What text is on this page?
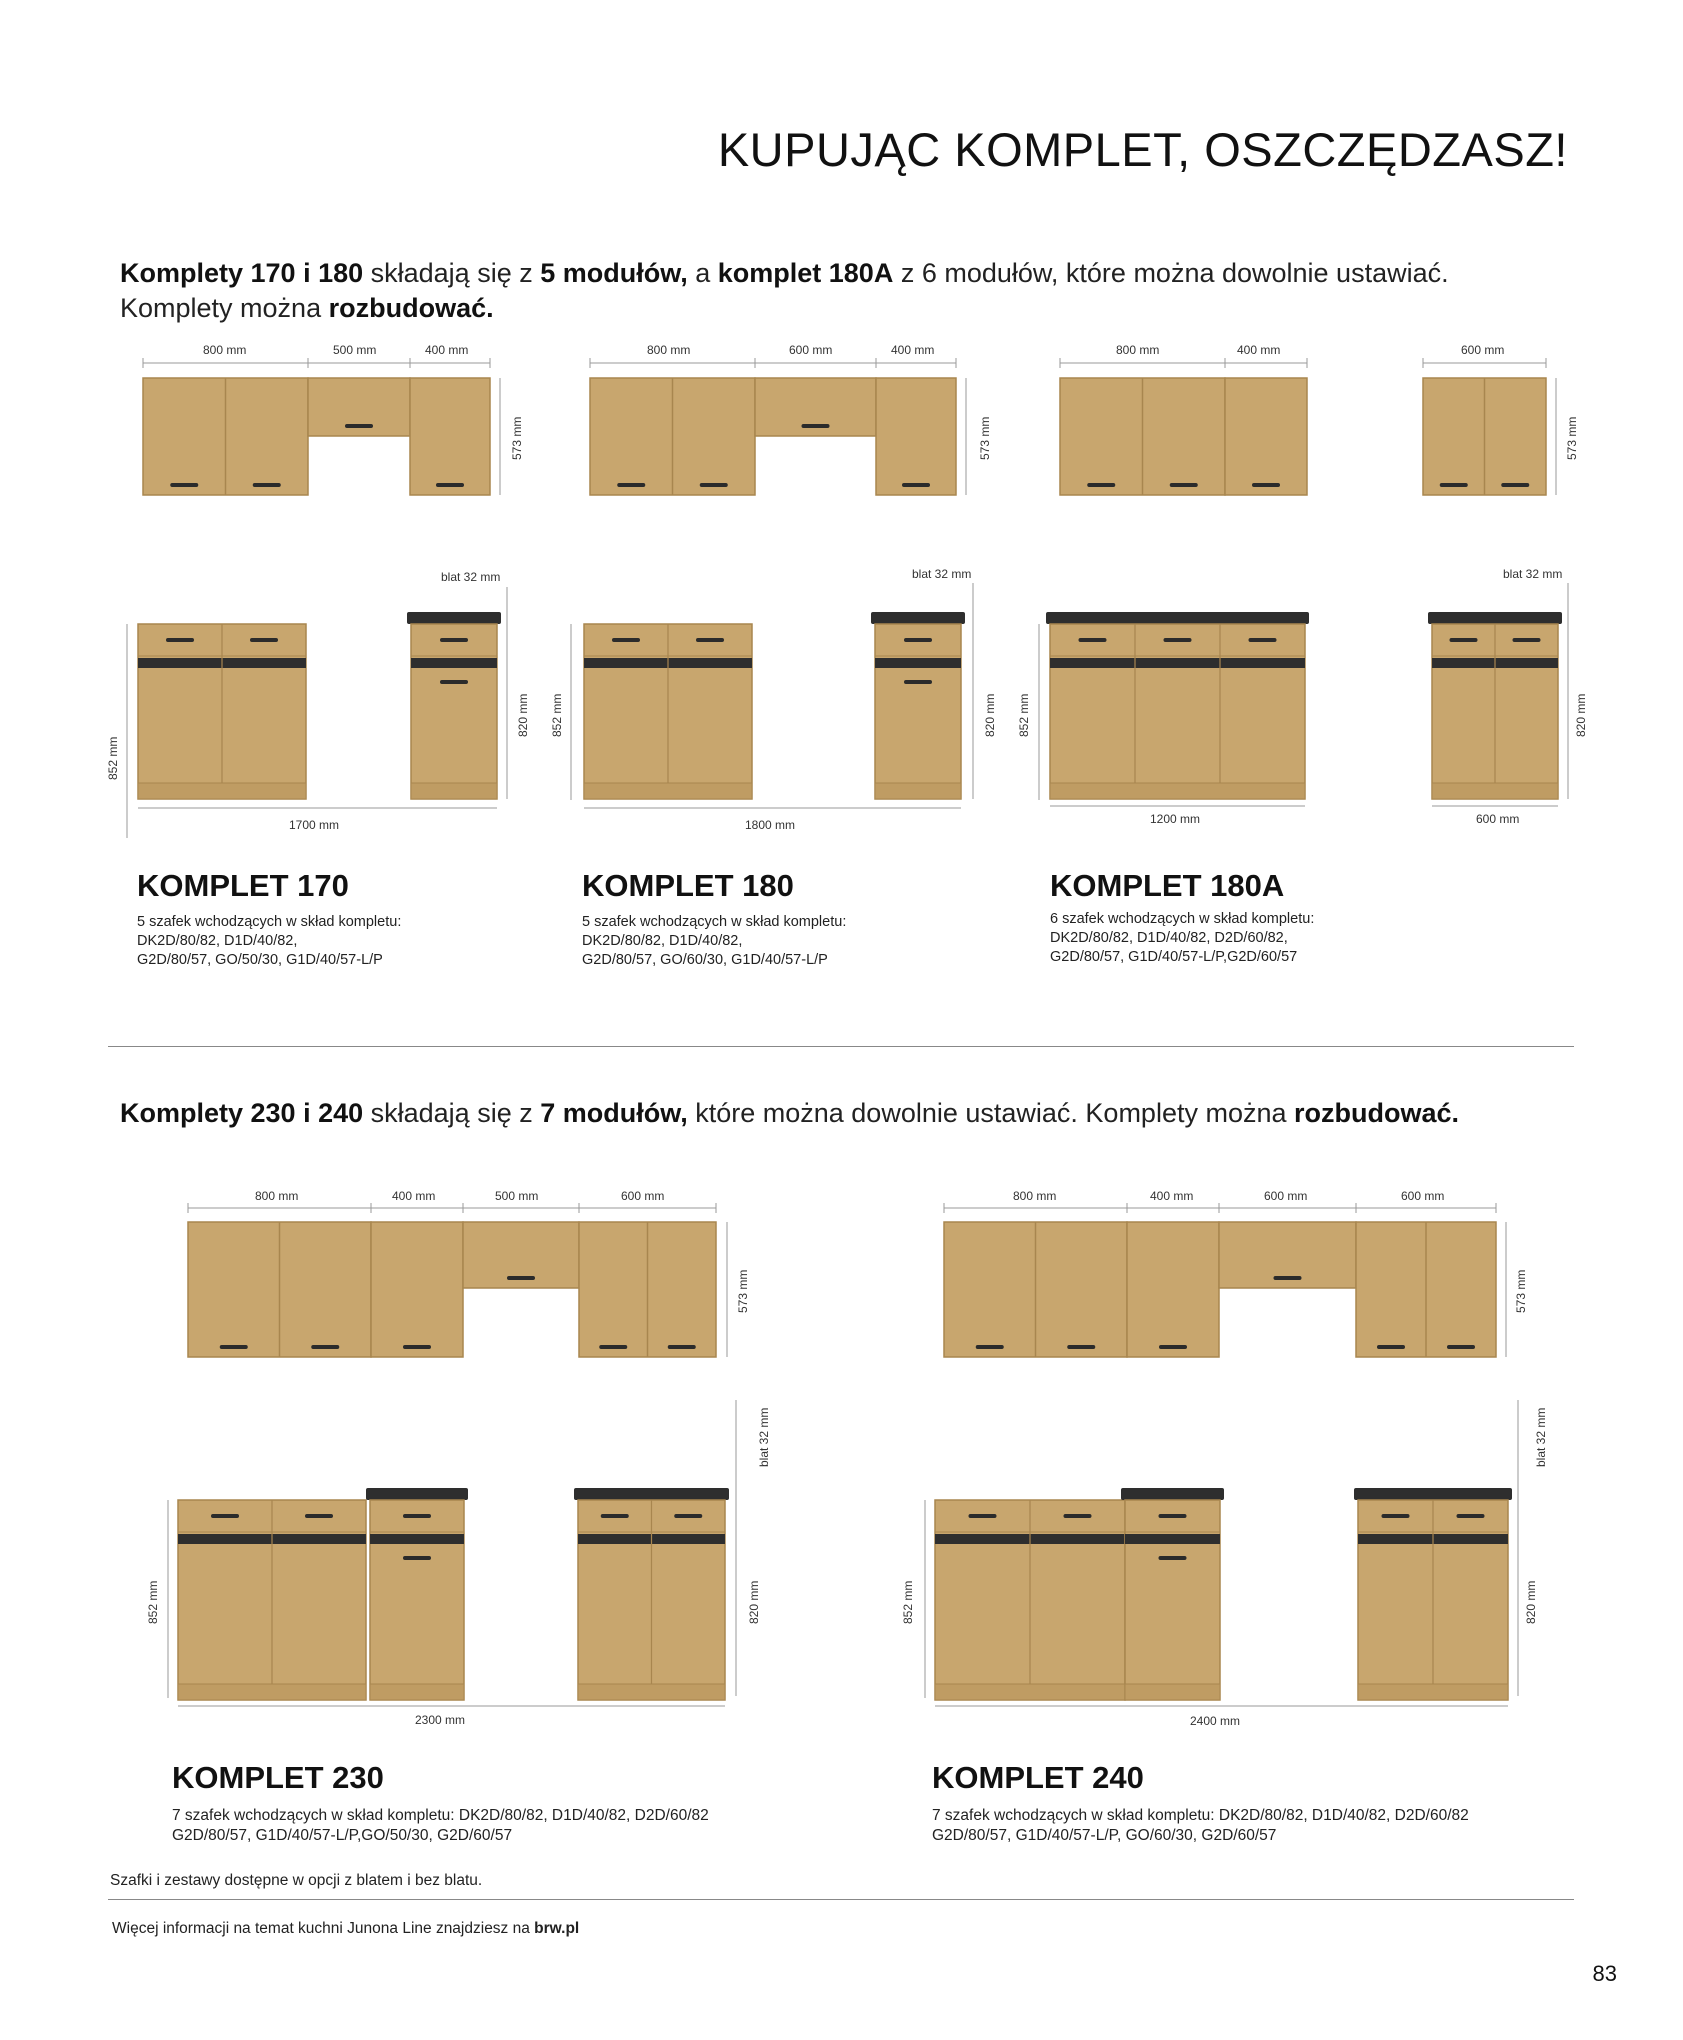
KUPUJĄC KOMPLET, OSZCZĘDZASZ!
Komplety 170 i 180 składają się z 5 modułów, a komplet 180A z 6 modułów, które można dowolnie ustawiać.
Komplety można rozbudować.
800 mm	500 mm	400 mm	800 mm	600 mm	400 mm	800 mm	400 mm	600 mm
573 mm	573 mm	573 mm
blat 32 mm	blat 32 mm	blat 32 mm
820 mm	820 mm	820 mm
852 mm
852 mm	852 mm
1700 mm	1800 mm	1200 mm	600 mm
KOMPLET 170
5 szafek wchodzących w skład kompletu:
DK2D/80/82, D1D/40/82,
G2D/80/57, GO/50/30, G1D/40/57-L/P
KOMPLET 180
5 szafek wchodzących w skład kompletu:
DK2D/80/82, D1D/40/82,
G2D/80/57, GO/60/30, G1D/40/57-L/P
KOMPLET 180A
6 szafek wchodzących w skład kompletu:
DK2D/80/82, D1D/40/82, D2D/60/82,
G2D/80/57, G1D/40/57-L/P,G2D/60/57
Komplety 230 i 240 składają się z 7 modułów, które można dowolnie ustawiać. Komplety można rozbudować.
800 mm	400 mm	500 mm	600 mm	800 mm	400 mm	600 mm	600 mm
573 mm	573 mm
blat 32 mm	blat 32 mm
852 mm	820 mm	852 mm	820 mm
2300 mm	2400 mm
KOMPLET 230
7 szafek wchodzących w skład kompletu: DK2D/80/82, D1D/40/82, D2D/60/82
G2D/80/57, G1D/40/57-L/P,GO/50/30, G2D/60/57
KOMPLET 240
7 szafek wchodzących w skład kompletu: DK2D/80/82, D1D/40/82, D2D/60/82
G2D/80/57, G1D/40/57-L/P, GO/60/30, G2D/60/57
Szafki i zestawy dostępne w opcji z blatem i bez blatu.
Więcej informacji na temat kuchni Junona Line znajdziesz na brw.pl
83
